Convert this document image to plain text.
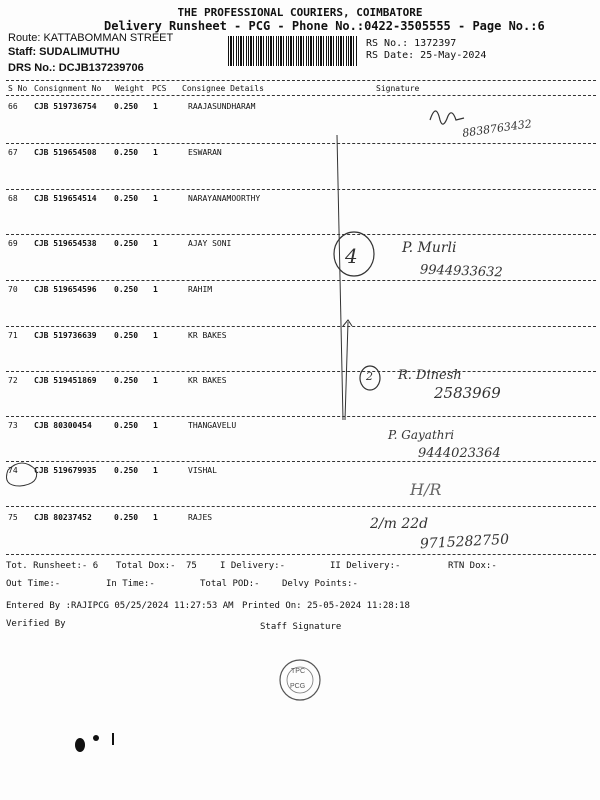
THE PROFESSIONAL COURIERS, COIMBATORE
Delivery Runsheet - PCG - Phone No.:0422-3505555 - Page No.:6
Route: KATTABOMMAN STREET
Staff: SUDALIMUTHU
DRS No.: DCJB137239706
RS No.: 1372397
RS Date: 25-May-2024
S No Consignment No Weight PCS Consignee Details	Signature
66 CJB 519736754 0.250 1	RAAJASUNDHARAM
67 CJB 519654508 0.250 1	ESWARAN
68 CJB 519654514 0.250 1	NARAYANAMOORTHY
69 CJB 519654538 0.250 1	AJAY SONI
70 CJB 519654596 0.250 1	RAHIM
71 CJB 519736639 0.250 1	KR BAKES
72 CJB 519451869 0.250 1	KR BAKES
73 CJB 80300454	0.250 1	THANGAVELU
74 CJB 519679935 0.250 1	VISHAL
75 CJB 80237452	0.250 1	RAJES
8838763432
4	P. Murli
9944933632
2 R. Dinesh
2583969
P. Gayathri
9444023364
H/R
2/m 22d
9715282750
TPC
PCG
Tot. Runsheet:- 6 Total Dox:- 75	I Delivery:-	II Delivery:-	RTN Dox:-
Out Time:-	In Time:-	Total POD:- Delvy Points:-
Entered By :RAJIPCG 05/25/2024 11:27:53 AM Printed On: 25-05-2024 11:28:18
Verified By	Staff Signature
